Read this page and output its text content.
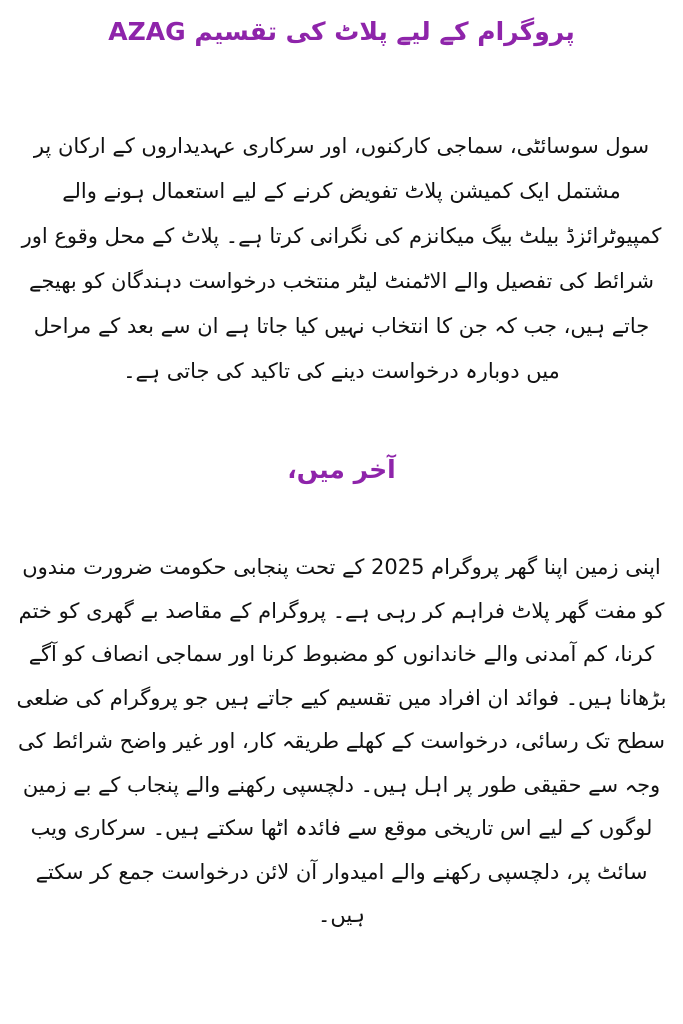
AZAG پروگرام کے لیے پلاٹ کی تقسیم

سول سوسائٹی، سماجی کارکنوں، اور سرکاری عہدیداروں کے ارکان پر مشتمل ایک کمیشن پلاٹ تفویض کرنے کے لیے استعمال ہونے والے کمپیوٹرائزڈ بیلٹ بیگ میکانزم کی نگرانی کرتا ہے۔ پلاٹ کے محل وقوع اور شرائط کی تفصیل والے الاٹمنٹ لیٹر منتخب درخواست دہندگان کو بھیجے جاتے ہیں، جب کہ جن کا انتخاب نہیں کیا جاتا ہے ان سے بعد کے مراحل میں دوبارہ درخواست دینے کی تاکید کی جاتی ہے۔

آخر میں،

اپنی زمین اپنا گھر پروگرام 2025 کے تحت پنجابی حکومت ضرورت مندوں کو مفت گھر پلاٹ فراہم کر رہی ہے۔ پروگرام کے مقاصد بے گھری کو ختم کرنا، کم آمدنی والے خاندانوں کو مضبوط کرنا اور سماجی انصاف کو آگے بڑھانا ہیں۔ فوائد ان افراد میں تقسیم کیے جاتے ہیں جو پروگرام کی ضلعی سطح تک رسائی، درخواست کے کھلے طریقہ کار، اور غیر واضح شرائط کی وجہ سے حقیقی طور پر اہل ہیں۔ دلچسپی رکھنے والے پنجاب کے بے زمین لوگوں کے لیے اس تاریخی موقع سے فائدہ اٹھا سکتے ہیں۔ سرکاری ویب سائٹ پر، دلچسپی رکھنے والے امیدوار آن لائن درخواست جمع کر سکتے ہیں۔
